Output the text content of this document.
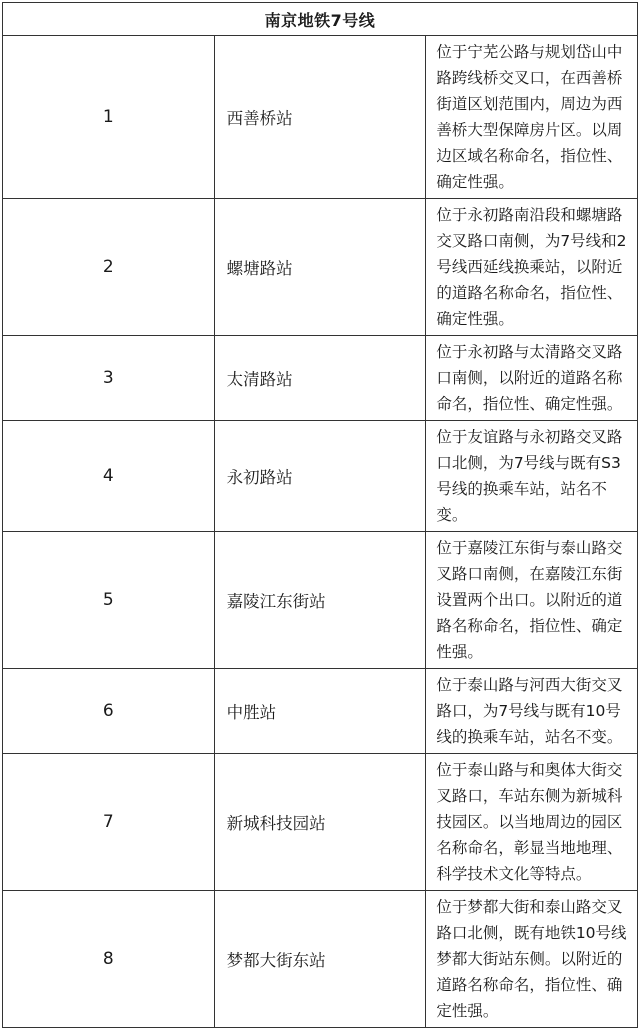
南京地铁7号线		
1	西善桥站	位于宁芜公路与规划岱山中路跨线桥交叉口，在西善桥街道区划范围内，周边为西善桥大型保障房片区。以周边区域名称命名，指位性、确定性强。
2	螺塘路站	位于永初路南沿段和螺塘路交叉路口南侧，为7号线和2号线西延线换乘站，以附近的道路名称命名，指位性、确定性强。
3	太清路站	位于永初路与太清路交叉路口南侧，以附近的道路名称命名，指位性、确定性强。
4	永初路站	位于友谊路与永初路交叉路口北侧，为7号线与既有S3号线的换乘车站，站名不变。
5	嘉陵江东街站	位于嘉陵江东街与泰山路交叉路口南侧，在嘉陵江东街设置两个出口。以附近的道路名称命名，指位性、确定性强。
6	中胜站	位于泰山路与河西大街交叉路口，为7号线与既有10号线的换乘车站，站名不变。
7	新城科技园站	位于泰山路与和奥体大街交叉路口，车站东侧为新城科技园区。以当地周边的园区名称命名，彰显当地地理、科学技术文化等特点。
8	梦都大街东站	位于梦都大街和泰山路交叉路口北侧，既有地铁10号线梦都大街站东侧。以附近的道路名称命名，指位性、确定性强。
